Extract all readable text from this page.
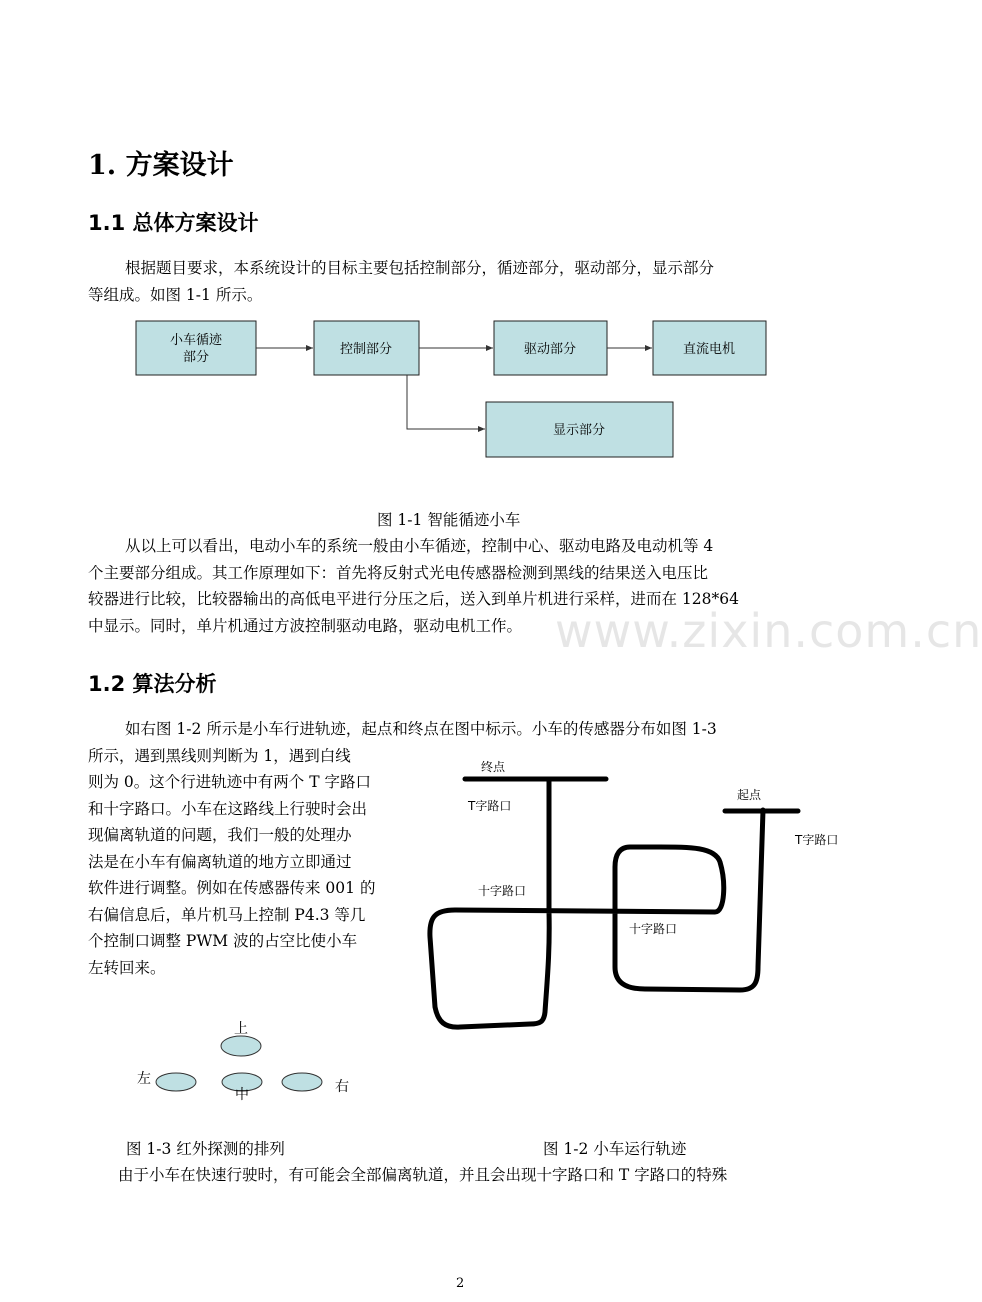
1. 方案设计
1.1 总体方案设计
根据题目要求，本系统设计的目标主要包括控制部分，循迹部分，驱动部分，显示部分
等组成。如图 1-1 所示。
小车循迹
部分
控制部分	驱动部分	直流电机
显示部分
图 1-1 智能循迹小车
从以上可以看出，电动小车的系统一般由小车循迹，控制中心、驱动电路及电动机等 4
个主要部分组成。其工作原理如下：首先将反射式光电传感器检测到黑线的结果送入电压比
较器进行比较，比较器输出的高低电平进行分压之后，送入到单片机进行采样，进而在 128*64
中显示。同时，单片机通过方波控制驱动电路，驱动电机工作。 www.zixin.com.cn
1.2 算法分析
如右图 1-2 所示是小车行进轨迹，起点和终点在图中标示。小车的传感器分布如图 1-3
所示，遇到黑线则判断为 1，遇到白线
则为 0。这个行进轨迹中有两个 T 字路口
和十字路口。小车在这路线上行驶时会出
现偏离轨道的问题，我们一般的处理办
法是在小车有偏离轨道的地方立即通过
软件进行调整。例如在传感器传来 001 的
右偏信息后，单片机马上控制 P4.3 等几
个控制口调整 PWM 波的占空比使小车
左转回来。
终点
起点
T字路口
T字路口
十字路口
十字路口
上
左
中	右
图 1-3 红外探测的排列	图 1-2 小车运行轨迹
由于小车在快速行驶时，有可能会全部偏离轨道，并且会出现十字路口和 T 字路口的特殊
2
